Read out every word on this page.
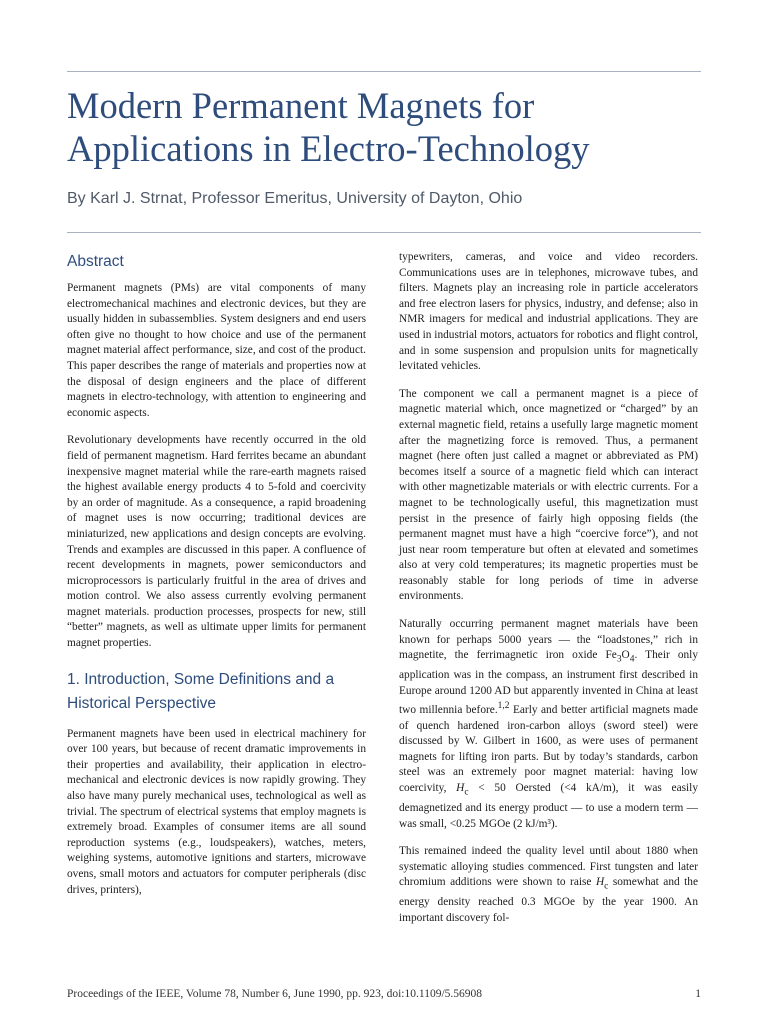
Modern Permanent Magnets for Applications in Electro-Technology

By Karl J. Strnat, Professor Emeritus, University of Dayton, Ohio

Abstract

Permanent magnets (PMs) are vital components of many electromechanical machines and electronic devices, but they are usually hidden in subassemblies. System designers and end users often give no thought to how choice and use of the permanent magnet material affect performance, size, and cost of the product. This paper describes the range of materials and properties now at the disposal of design engineers and the place of different magnets in electro-technology, with attention to engineering and economic aspects.

Revolutionary developments have recently occurred in the old field of permanent magnetism. Hard ferrites became an abundant inexpensive magnet material while the rare-earth magnets raised the highest available energy products 4 to 5-fold and coercivity by an order of magnitude. As a consequence, a rapid broadening of magnet uses is now occurring; traditional devices are miniaturized, new applications and design concepts are evolving. Trends and examples are discussed in this paper. A confluence of recent developments in magnets, power semiconductors and microprocessors is particularly fruitful in the area of drives and motion control. We also assess currently evolving permanent magnet materials. production processes, prospects for new, still “better” magnets, as well as ultimate upper limits for permanent magnet properties.

1. Introduction, Some Definitions and a Historical Perspective

Permanent magnets have been used in electrical machinery for over 100 years, but because of recent dramatic improvements in their properties and availability, their application in electro-mechanical and electronic devices is now rapidly growing. They also have many purely mechanical uses, technological as well as trivial. The spectrum of electrical systems that employ magnets is extremely broad. Examples of consumer items are all sound reproduction systems (e.g., loudspeakers), watches, meters, weighing systems, automotive ignitions and starters, microwave ovens, small motors and actuators for computer peripherals (disc drives, printers),

typewriters, cameras, and voice and video recorders. Communications uses are in telephones, microwave tubes, and filters. Magnets play an increasing role in particle accelerators and free electron lasers for physics, industry, and defense; also in NMR imagers for medical and industrial applications. They are used in industrial motors, actuators for robotics and flight control, and in some suspension and propulsion units for magnetically levitated vehicles.

The component we call a permanent magnet is a piece of magnetic material which, once magnetized or “charged” by an external magnetic field, retains a usefully large magnetic moment after the magnetizing force is removed. Thus, a permanent magnet (here often just called a magnet or abbreviated as PM) becomes itself a source of a magnetic field which can interact with other magnetizable materials or with electric currents. For a magnet to be technologically useful, this magnetization must persist in the presence of fairly high opposing fields (the permanent magnet must have a high “coercive force”), and not just near room temperature but often at elevated and sometimes also at very cold temperatures; its magnetic properties must be reasonably stable for long periods of time in adverse environments.

Naturally occurring permanent magnet materials have been known for perhaps 5000 years — the “loadstones,” rich in magnetite, the ferrimagnetic iron oxide $Fe_3O_4$. Their only application was in the compass, an instrument first described in Europe around 1200 AD but apparently invented in China at least two millennia before.$^{1,2}$ Early and better artificial magnets made of quench hardened iron-carbon alloys (sword steel) were discussed by W. Gilbert in 1600, as were uses of permanent magnets for lifting iron parts. But by today’s standards, carbon steel was an extremely poor magnet material: having low coercivity, $H_c < 50$ Oersted (<4 kA/m), it was easily demagnetized and its energy product — to use a modern term — was small, <0.25 MGOe (2 kJ/m³).

This remained indeed the quality level until about 1880 when systematic alloying studies commenced. First tungsten and later chromium additions were shown to raise $H_c$ somewhat and the energy density reached 0.3 MGOe by the year 1900. An important discovery fol-

Proceedings of the IEEE, Volume 78, Number 6, June 1990, pp. 923, doi:10.1109/5.56908	1
